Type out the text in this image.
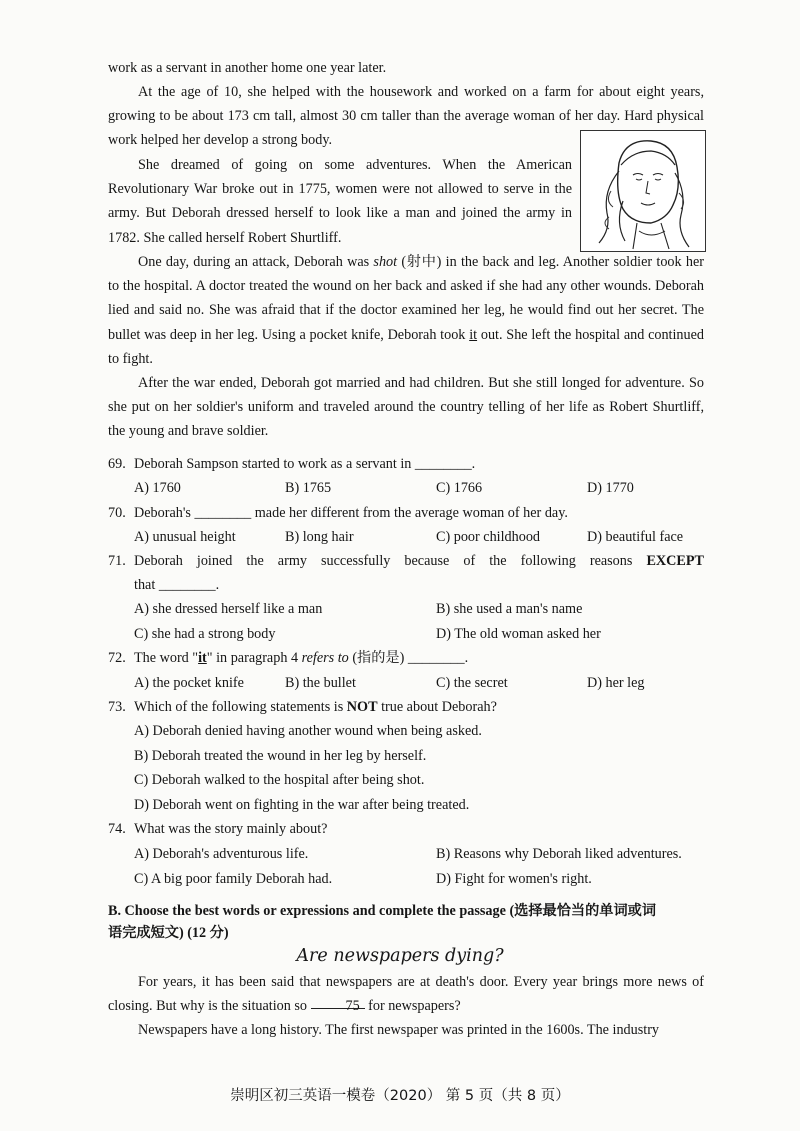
work as a servant in another home one year later.

At the age of 10, she helped with the housework and worked on a farm for about eight years, growing to be about 173 cm tall, almost 30 cm taller than the average woman of her day. Hard physical work helped her develop a strong body.

She dreamed of going on some adventures. When the American Revolutionary War broke out in 1775, women were not allowed to serve in the army. But Deborah dressed herself to look like a man and joined the army in 1782. She called herself Robert Shurtliff.

One day, during an attack, Deborah was shot (射中) in the back and leg. Another soldier took her to the hospital. A doctor treated the wound on her back and asked if she had any other wounds. Deborah lied and said no. She was afraid that if the doctor examined her leg, he would find out her secret. The bullet was deep in her leg. Using a pocket knife, Deborah took it out. She left the hospital and continued to fight.

After the war ended, Deborah got married and had children. But she still longed for adventure. So she put on her soldier's uniform and traveled around the country telling of her life as Robert Shurtliff, the young and brave soldier.

69. Deborah Sampson started to work as a servant in ________.
A) 1760	B) 1765	C) 1766	D) 1770
70. Deborah's ________ made her different from the average woman of her day.
A) unusual height	B) long hair	C) poor childhood	D) beautiful face
71. Deborah joined the army successfully because of the following reasons EXCEPT
that ________.
A) she dressed herself like a man	B) she used a man's name
C) she had a strong body	D) The old woman asked her
72. The word "it" in paragraph 4 refers to (指的是) ________.
A) the pocket knife	B) the bullet	C) the secret	D) her leg
73. Which of the following statements is NOT true about Deborah?
A) Deborah denied having another wound when being asked.
B) Deborah treated the wound in her leg by herself.
C) Deborah walked to the hospital after being shot.
D) Deborah went on fighting in the war after being treated.
74. What was the story mainly about?
A) Deborah's adventurous life.	B) Reasons why Deborah liked adventures.
C) A big poor family Deborah had.	D) Fight for women's right.
B. Choose the best words or expressions and complete the passage (选择最恰当的单词或词
语完成短文) (12 分)
Are newspapers dying?

For years, it has been said that newspapers are at death's door. Every year brings more news of closing. But why is the situation so	75 for newspapers?

Newspapers have a long history. The first newspaper was printed in the 1600s. The industry

崇明区初三英语一模卷（2020） 第 5 页（共 8 页）
